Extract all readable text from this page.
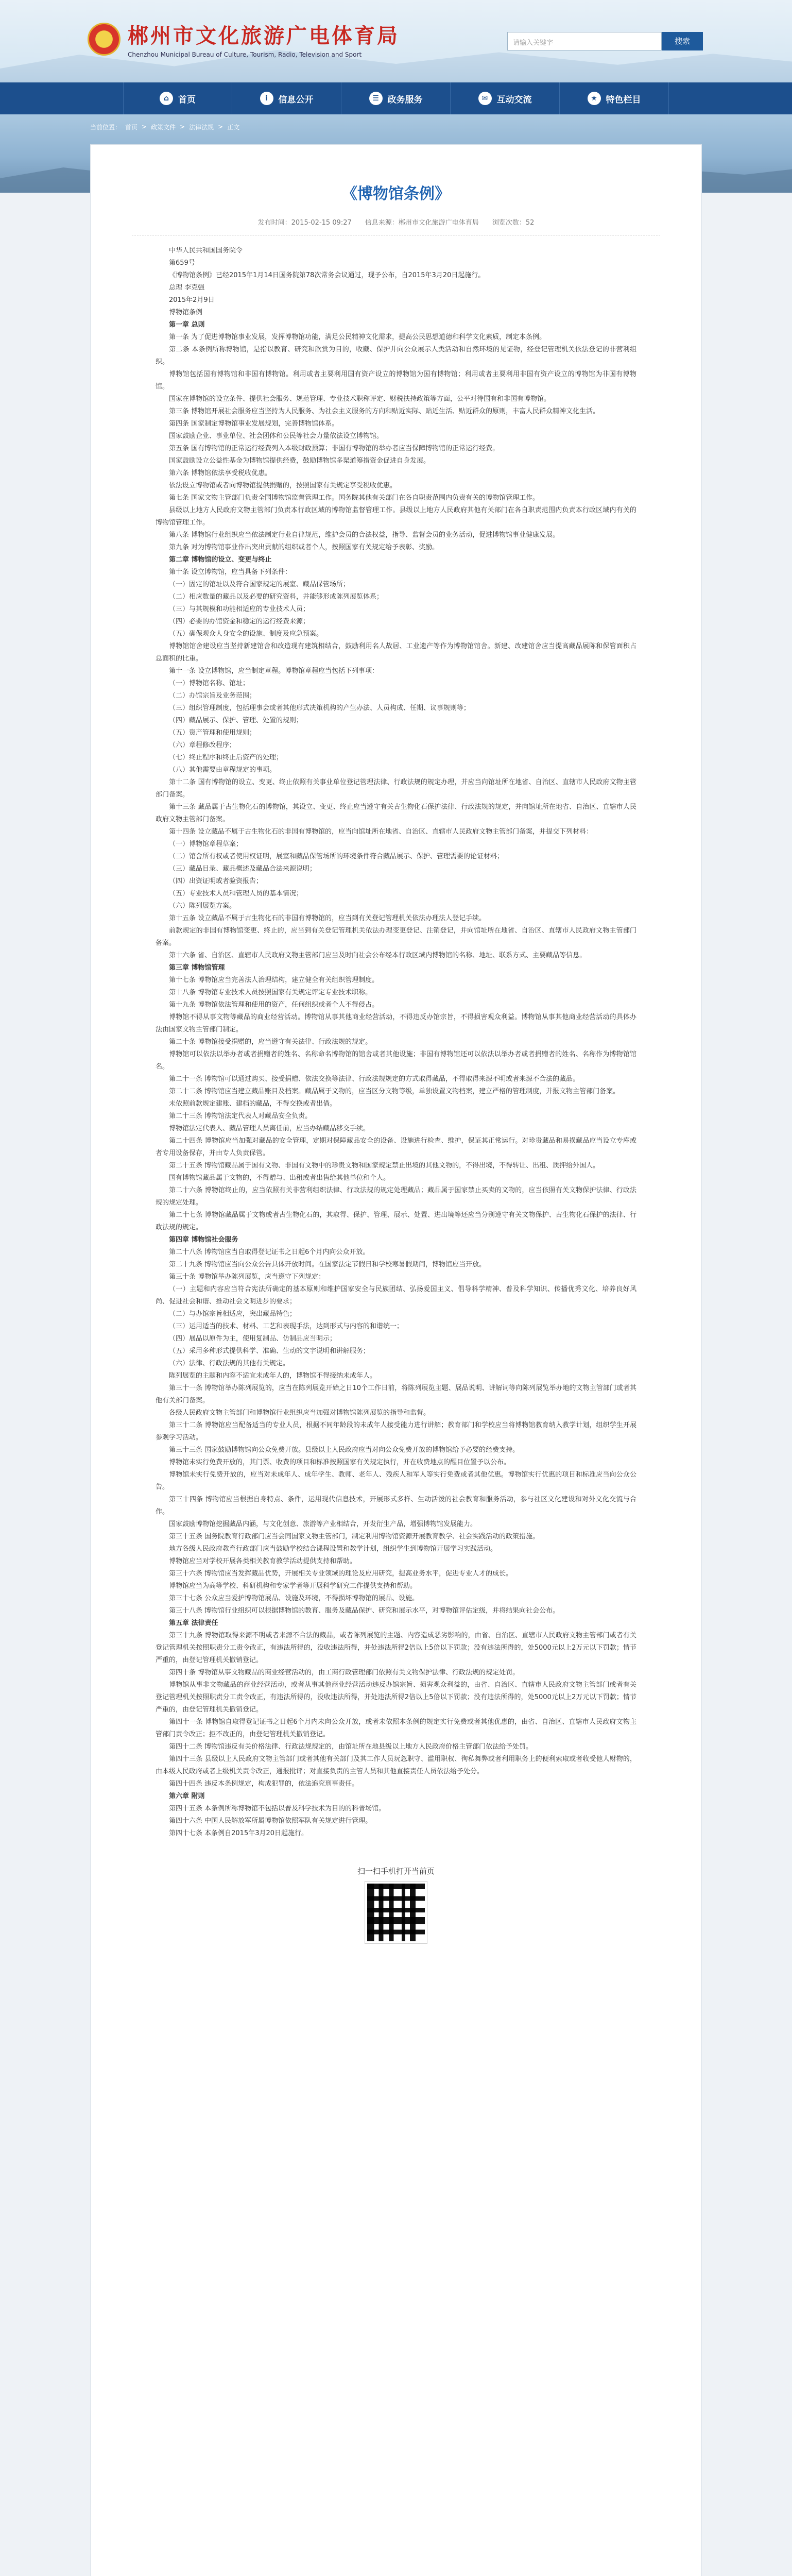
郴州市文化旅游广电体育局
Chenzhou Municipal Bureau of Culture, Tourism, Radio, Television and Sport
请输入关键字	搜索
⌂	首页	i	信息公开	☰ 政务服务	✉	互动交流	★ 特色栏目
当前位置： 首页 > 政策文件 > 法律法规 > 正文
《博物馆条例》
发布时间：2015-02-15 09:27 信息来源：郴州市文化旅游广电体育局 浏览次数：52

中华人民共和国国务院令

第659号

《博物馆条例》已经2015年1月14日国务院第78次常务会议通过，现予公布，自2015年3月20日起施行。

总理 李克强

2015年2月9日

博物馆条例

第一章 总则

第一条 为了促进博物馆事业发展，发挥博物馆功能，满足公民精神文化需求，提高公民思想道德和科学文化素质，制定本条例。

第二条 本条例所称博物馆，是指以教育、研究和欣赏为目的，收藏、保护并向公众展示人类活动和自然环境的见证物，经登记管理机关依法登记的非营利组织。

博物馆包括国有博物馆和非国有博物馆。利用或者主要利用国有资产设立的博物馆为国有博物馆；利用或者主要利用非国有资产设立的博物馆为非国有博物馆。

国家在博物馆的设立条件、提供社会服务、规范管理、专业技术职称评定、财税扶持政策等方面，公平对待国有和非国有博物馆。

第三条 博物馆开展社会服务应当坚持为人民服务、为社会主义服务的方向和贴近实际、贴近生活、贴近群众的原则，丰富人民群众精神文化生活。

第四条 国家制定博物馆事业发展规划，完善博物馆体系。

国家鼓励企业、事业单位、社会团体和公民等社会力量依法设立博物馆。

第五条 国有博物馆的正常运行经费列入本级财政预算；非国有博物馆的举办者应当保障博物馆的正常运行经费。

国家鼓励设立公益性基金为博物馆提供经费，鼓励博物馆多渠道筹措资金促进自身发展。

第六条 博物馆依法享受税收优惠。

依法设立博物馆或者向博物馆提供捐赠的，按照国家有关规定享受税收优惠。

第七条 国家文物主管部门负责全国博物馆监督管理工作。国务院其他有关部门在各自职责范围内负责有关的博物馆管理工作。

县级以上地方人民政府文物主管部门负责本行政区域的博物馆监督管理工作。县级以上地方人民政府其他有关部门在各自职责范围内负责本行政区域内有关的博物馆管理工作。

第八条 博物馆行业组织应当依法制定行业自律规范，维护会员的合法权益，指导、监督会员的业务活动，促进博物馆事业健康发展。

第九条 对为博物馆事业作出突出贡献的组织或者个人，按照国家有关规定给予表彰、奖励。

第二章 博物馆的设立、变更与终止

第十条 设立博物馆，应当具备下列条件：

（一）固定的馆址以及符合国家规定的展室、藏品保管场所；

（二）相应数量的藏品以及必要的研究资料，并能够形成陈列展览体系；

（三）与其规模和功能相适应的专业技术人员；

（四）必要的办馆资金和稳定的运行经费来源；

（五）确保观众人身安全的设施、制度及应急预案。

博物馆馆舍建设应当坚持新建馆舍和改造现有建筑相结合，鼓励利用名人故居、工业遗产等作为博物馆馆舍。新建、改建馆舍应当提高藏品展陈和保管面积占总面积的比重。

第十一条 设立博物馆，应当制定章程。博物馆章程应当包括下列事项：

（一）博物馆名称、馆址；

（二）办馆宗旨及业务范围；

（三）组织管理制度，包括理事会或者其他形式决策机构的产生办法、人员构成、任期、议事规则等；

（四）藏品展示、保护、管理、处置的规则；

（五）资产管理和使用规则；

（六）章程修改程序；

（七）终止程序和终止后资产的处理；

（八）其他需要由章程规定的事项。

第十二条 国有博物馆的设立、变更、终止依照有关事业单位登记管理法律、行政法规的规定办理，并应当向馆址所在地省、自治区、直辖市人民政府文物主管部门备案。

第十三条 藏品属于古生物化石的博物馆，其设立、变更、终止应当遵守有关古生物化石保护法律、行政法规的规定，并向馆址所在地省、自治区、直辖市人民政府文物主管部门备案。

第十四条 设立藏品不属于古生物化石的非国有博物馆的，应当向馆址所在地省、自治区、直辖市人民政府文物主管部门备案，并提交下列材料：

（一）博物馆章程草案；

（二）馆舍所有权或者使用权证明，展室和藏品保管场所的环境条件符合藏品展示、保护、管理需要的论证材料；

（三）藏品目录、藏品概述及藏品合法来源说明；

（四）出资证明或者验资报告；

（五）专业技术人员和管理人员的基本情况；

（六）陈列展览方案。

第十五条 设立藏品不属于古生物化石的非国有博物馆的，应当到有关登记管理机关依法办理法人登记手续。

前款规定的非国有博物馆变更、终止的，应当到有关登记管理机关依法办理变更登记、注销登记，并向馆址所在地省、自治区、直辖市人民政府文物主管部门备案。

第十六条 省、自治区、直辖市人民政府文物主管部门应当及时向社会公布经本行政区域内博物馆的名称、地址、联系方式、主要藏品等信息。

第三章 博物馆管理

第十七条 博物馆应当完善法人治理结构，建立健全有关组织管理制度。

第十八条 博物馆专业技术人员按照国家有关规定评定专业技术职称。

第十九条 博物馆依法管理和使用的资产，任何组织或者个人不得侵占。

博物馆不得从事文物等藏品的商业经营活动。博物馆从事其他商业经营活动，不得违反办馆宗旨，不得损害观众利益。博物馆从事其他商业经营活动的具体办法由国家文物主管部门制定。

第二十条 博物馆接受捐赠的，应当遵守有关法律、行政法规的规定。

博物馆可以依法以举办者或者捐赠者的姓名、名称命名博物馆的馆舍或者其他设施；非国有博物馆还可以依法以举办者或者捐赠者的姓名、名称作为博物馆馆名。

第二十一条 博物馆可以通过购买、接受捐赠、依法交换等法律、行政法规规定的方式取得藏品，不得取得来源不明或者来源不合法的藏品。

第二十二条 博物馆应当建立藏品账目及档案。藏品属于文物的，应当区分文物等级，单独设置文物档案，建立严格的管理制度，并报文物主管部门备案。

未依照前款规定建账、建档的藏品，不得交换或者出借。

第二十三条 博物馆法定代表人对藏品安全负责。

博物馆法定代表人、藏品管理人员离任前，应当办结藏品移交手续。

第二十四条 博物馆应当加强对藏品的安全管理，定期对保障藏品安全的设备、设施进行检查、维护，保证其正常运行。对珍贵藏品和易损藏品应当设立专库或者专用设备保存，并由专人负责保管。

第二十五条 博物馆藏品属于国有文物、非国有文物中的珍贵文物和国家规定禁止出境的其他文物的，不得出境，不得转让、出租、质押给外国人。

国有博物馆藏品属于文物的，不得赠与、出租或者出售给其他单位和个人。

第二十六条 博物馆终止的，应当依照有关非营利组织法律、行政法规的规定处理藏品；藏品属于国家禁止买卖的文物的，应当依照有关文物保护法律、行政法规的规定处理。

第二十七条 博物馆藏品属于文物或者古生物化石的，其取得、保护、管理、展示、处置、进出境等还应当分别遵守有关文物保护、古生物化石保护的法律、行政法规的规定。

第四章 博物馆社会服务

第二十八条 博物馆应当自取得登记证书之日起6个月内向公众开放。

第二十九条 博物馆应当向公众公告具体开放时间。在国家法定节假日和学校寒暑假期间，博物馆应当开放。

第三十条 博物馆举办陈列展览，应当遵守下列规定：

（一）主题和内容应当符合宪法所确定的基本原则和维护国家安全与民族团结、弘扬爱国主义、倡导科学精神、普及科学知识、传播优秀文化、培养良好风尚、促进社会和谐、推动社会文明进步的要求；

（二）与办馆宗旨相适应，突出藏品特色；

（三）运用适当的技术、材料、工艺和表现手法，达到形式与内容的和谐统一；

（四）展品以原件为主，使用复制品、仿制品应当明示；

（五）采用多种形式提供科学、准确、生动的文字说明和讲解服务；

（六）法律、行政法规的其他有关规定。

陈列展览的主题和内容不适宜未成年人的，博物馆不得接纳未成年人。

第三十一条 博物馆举办陈列展览的，应当在陈列展览开始之日10个工作日前，将陈列展览主题、展品说明、讲解词等向陈列展览举办地的文物主管部门或者其他有关部门备案。

各级人民政府文物主管部门和博物馆行业组织应当加强对博物馆陈列展览的指导和监督。

第三十二条 博物馆应当配备适当的专业人员，根据不同年龄段的未成年人接受能力进行讲解；教育部门和学校应当将博物馆教育纳入教学计划，组织学生开展参观学习活动。

第三十三条 国家鼓励博物馆向公众免费开放。县级以上人民政府应当对向公众免费开放的博物馆给予必要的经费支持。

博物馆未实行免费开放的，其门票、收费的项目和标准按照国家有关规定执行，并在收费地点的醒目位置予以公布。

博物馆未实行免费开放的，应当对未成年人、成年学生、教师、老年人、残疾人和军人等实行免费或者其他优惠。博物馆实行优惠的项目和标准应当向公众公告。

第三十四条 博物馆应当根据自身特点、条件，运用现代信息技术，开展形式多样、生动活泼的社会教育和服务活动，参与社区文化建设和对外文化交流与合作。

国家鼓励博物馆挖掘藏品内涵，与文化创意、旅游等产业相结合，开发衍生产品，增强博物馆发展能力。

第三十五条 国务院教育行政部门应当会同国家文物主管部门，制定利用博物馆资源开展教育教学、社会实践活动的政策措施。

地方各级人民政府教育行政部门应当鼓励学校结合课程设置和教学计划，组织学生到博物馆开展学习实践活动。

博物馆应当对学校开展各类相关教育教学活动提供支持和帮助。

第三十六条 博物馆应当发挥藏品优势，开展相关专业领域的理论及应用研究，提高业务水平，促进专业人才的成长。

博物馆应当为高等学校、科研机构和专家学者等开展科学研究工作提供支持和帮助。

第三十七条 公众应当爱护博物馆展品、设施及环境，不得损坏博物馆的展品、设施。

第三十八条 博物馆行业组织可以根据博物馆的教育、服务及藏品保护、研究和展示水平，对博物馆评估定级，并将结果向社会公布。

第五章 法律责任

第三十九条 博物馆取得来源不明或者来源不合法的藏品，或者陈列展览的主题、内容造成恶劣影响的，由省、自治区、直辖市人民政府文物主管部门或者有关登记管理机关按照职责分工责令改正，有违法所得的，没收违法所得，并处违法所得2倍以上5倍以下罚款；没有违法所得的，处5000元以上2万元以下罚款；情节严重的，由登记管理机关撤销登记。

第四十条 博物馆从事文物藏品的商业经营活动的，由工商行政管理部门依照有关文物保护法律、行政法规的规定处罚。

博物馆从事非文物藏品的商业经营活动，或者从事其他商业经营活动违反办馆宗旨、损害观众利益的，由省、自治区、直辖市人民政府文物主管部门或者有关登记管理机关按照职责分工责令改正，有违法所得的，没收违法所得，并处违法所得2倍以上5倍以下罚款；没有违法所得的，处5000元以上2万元以下罚款；情节严重的，由登记管理机关撤销登记。

第四十一条 博物馆自取得登记证书之日起6个月内未向公众开放，或者未依照本条例的规定实行免费或者其他优惠的，由省、自治区、直辖市人民政府文物主管部门责令改正；拒不改正的，由登记管理机关撤销登记。

第四十二条 博物馆违反有关价格法律、行政法规规定的，由馆址所在地县级以上地方人民政府价格主管部门依法给予处罚。

第四十三条 县级以上人民政府文物主管部门或者其他有关部门及其工作人员玩忽职守、滥用职权、徇私舞弊或者利用职务上的便利索取或者收受他人财物的，由本级人民政府或者上级机关责令改正，通报批评；对直接负责的主管人员和其他直接责任人员依法给予处分。

第四十四条 违反本条例规定，构成犯罪的，依法追究刑事责任。

第六章 附则

第四十五条 本条例所称博物馆不包括以普及科学技术为目的的科普场馆。

第四十六条 中国人民解放军所属博物馆依照军队有关规定进行管理。

第四十七条 本条例自2015年3月20日起施行。

扫一扫手机打开当前页
